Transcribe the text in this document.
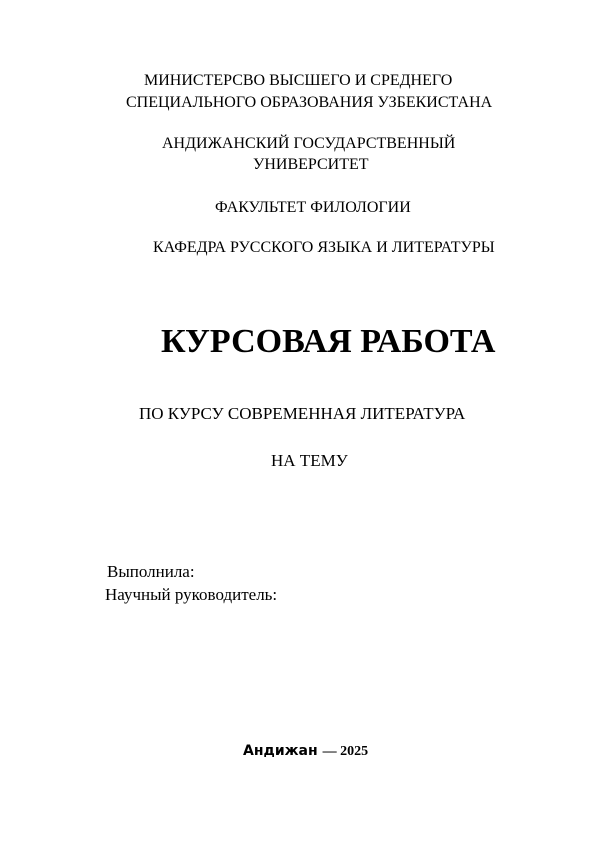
МИНИСТЕРСВО ВЫСШЕГО И СРЕДНЕГО
СПЕЦИАЛЬНОГО ОБРАЗОВАНИЯ УЗБЕКИСТАНА
АНДИЖАНСКИЙ ГОСУДАРСТВЕННЫЙ
УНИВЕРСИТЕТ
ФАКУЛЬТЕТ ФИЛОЛОГИИ
КАФЕДРА РУССКОГО ЯЗЫКА И ЛИТЕРАТУРЫ
КУРСОВАЯ РАБОТА
ПО КУРСУ СОВРЕМЕННАЯ ЛИТЕРАТУРА
НА ТЕМУ
Выполнила:
Научный руководитель:
Андижан — 2025
